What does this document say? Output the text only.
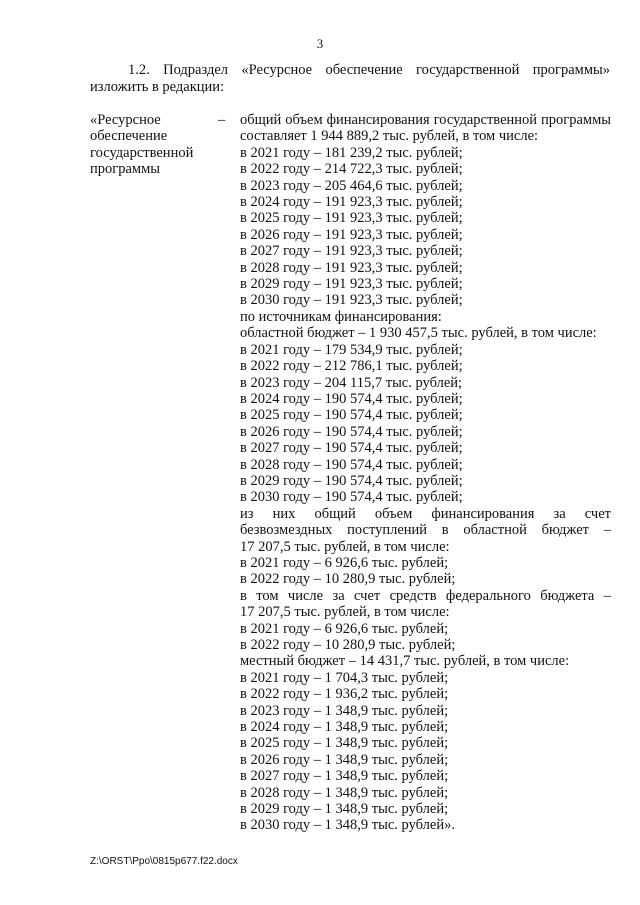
3
1.2. Подраздел «Ресурсное обеспечение государственной программы» изложить в редакции:
«Ресурсное
обеспечение
государственной
программы
– общий объем финансирования государственной программы
составляет 1 944 889,2 тыс. рублей, в том числе:
в 2021 году – 181 239,2 тыс. рублей;
в 2022 году – 214 722,3 тыс. рублей;
в 2023 году – 205 464,6 тыс. рублей;
в 2024 году – 191 923,3 тыс. рублей;
в 2025 году – 191 923,3 тыс. рублей;
в 2026 году – 191 923,3 тыс. рублей;
в 2027 году – 191 923,3 тыс. рублей;
в 2028 году – 191 923,3 тыс. рублей;
в 2029 году – 191 923,3 тыс. рублей;
в 2030 году – 191 923,3 тыс. рублей;
по источникам финансирования:
областной бюджет – 1 930 457,5 тыс. рублей, в том числе:
в 2021 году – 179 534,9 тыс. рублей;
в 2022 году – 212 786,1 тыс. рублей;
в 2023 году – 204 115,7 тыс. рублей;
в 2024 году – 190 574,4 тыс. рублей;
в 2025 году – 190 574,4 тыс. рублей;
в 2026 году – 190 574,4 тыс. рублей;
в 2027 году – 190 574,4 тыс. рублей;
в 2028 году – 190 574,4 тыс. рублей;
в 2029 году – 190 574,4 тыс. рублей;
в 2030 году – 190 574,4 тыс. рублей;
из них общий объем финансирования за счет
безвозмездных поступлений в областной бюджет –
17 207,5 тыс. рублей, в том числе:
в 2021 году – 6 926,6 тыс. рублей;
в 2022 году – 10 280,9 тыс. рублей;
в том числе за счет средств федерального бюджета –
17 207,5 тыс. рублей, в том числе:
в 2021 году – 6 926,6 тыс. рублей;
в 2022 году – 10 280,9 тыс. рублей;
местный бюджет – 14 431,7 тыс. рублей, в том числе:
в 2021 году – 1 704,3 тыс. рублей;
в 2022 году – 1 936,2 тыс. рублей;
в 2023 году – 1 348,9 тыс. рублей;
в 2024 году – 1 348,9 тыс. рублей;
в 2025 году – 1 348,9 тыс. рублей;
в 2026 году – 1 348,9 тыс. рублей;
в 2027 году – 1 348,9 тыс. рублей;
в 2028 году – 1 348,9 тыс. рублей;
в 2029 году – 1 348,9 тыс. рублей;
в 2030 году – 1 348,9 тыс. рублей».
Z:\ORST\Ppo\0815p677.f22.docx
